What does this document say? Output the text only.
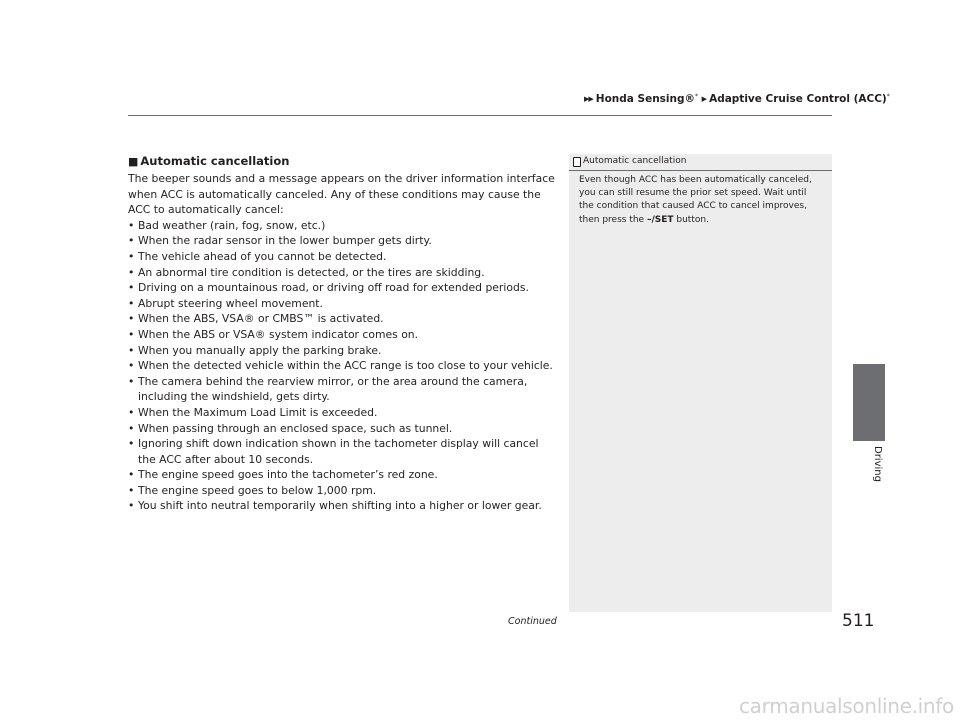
▶▶ Honda Sensing®* ▶ Adaptive Cruise Control (ACC)*
■ Automatic cancellation

The beeper sounds and a message appears on the driver information interface when ACC is automatically canceled. Any of these conditions may cause the ACC to automatically cancel:

• Bad weather (rain, fog, snow, etc.)
• When the radar sensor in the lower bumper gets dirty.
• The vehicle ahead of you cannot be detected.
• An abnormal tire condition is detected, or the tires are skidding.
• Driving on a mountainous road, or driving off road for extended periods.
• Abrupt steering wheel movement.
• When the ABS, VSA® or CMBS™ is activated.
• When the ABS or VSA® system indicator comes on.
• When you manually apply the parking brake.
• When the detected vehicle within the ACC range is too close to your vehicle.
• The camera behind the rearview mirror, or the area around the camera, including the windshield, gets dirty.
• When the Maximum Load Limit is exceeded.
• When passing through an enclosed space, such as tunnel.
• Ignoring shift down indication shown in the tachometer display will cancel the ACC after about 10 seconds.
• The engine speed goes into the tachometer’s red zone.
• The engine speed goes to below 1,000 rpm.
• You shift into neutral temporarily when shifting into a higher or lower gear.
Automatic cancellation

Even though ACC has been automatically canceled, you can still resume the prior set speed. Wait until the condition that caused ACC to cancel improves, then press the –/SET button.

Driving
Continued	511
carmanualsonline.info
